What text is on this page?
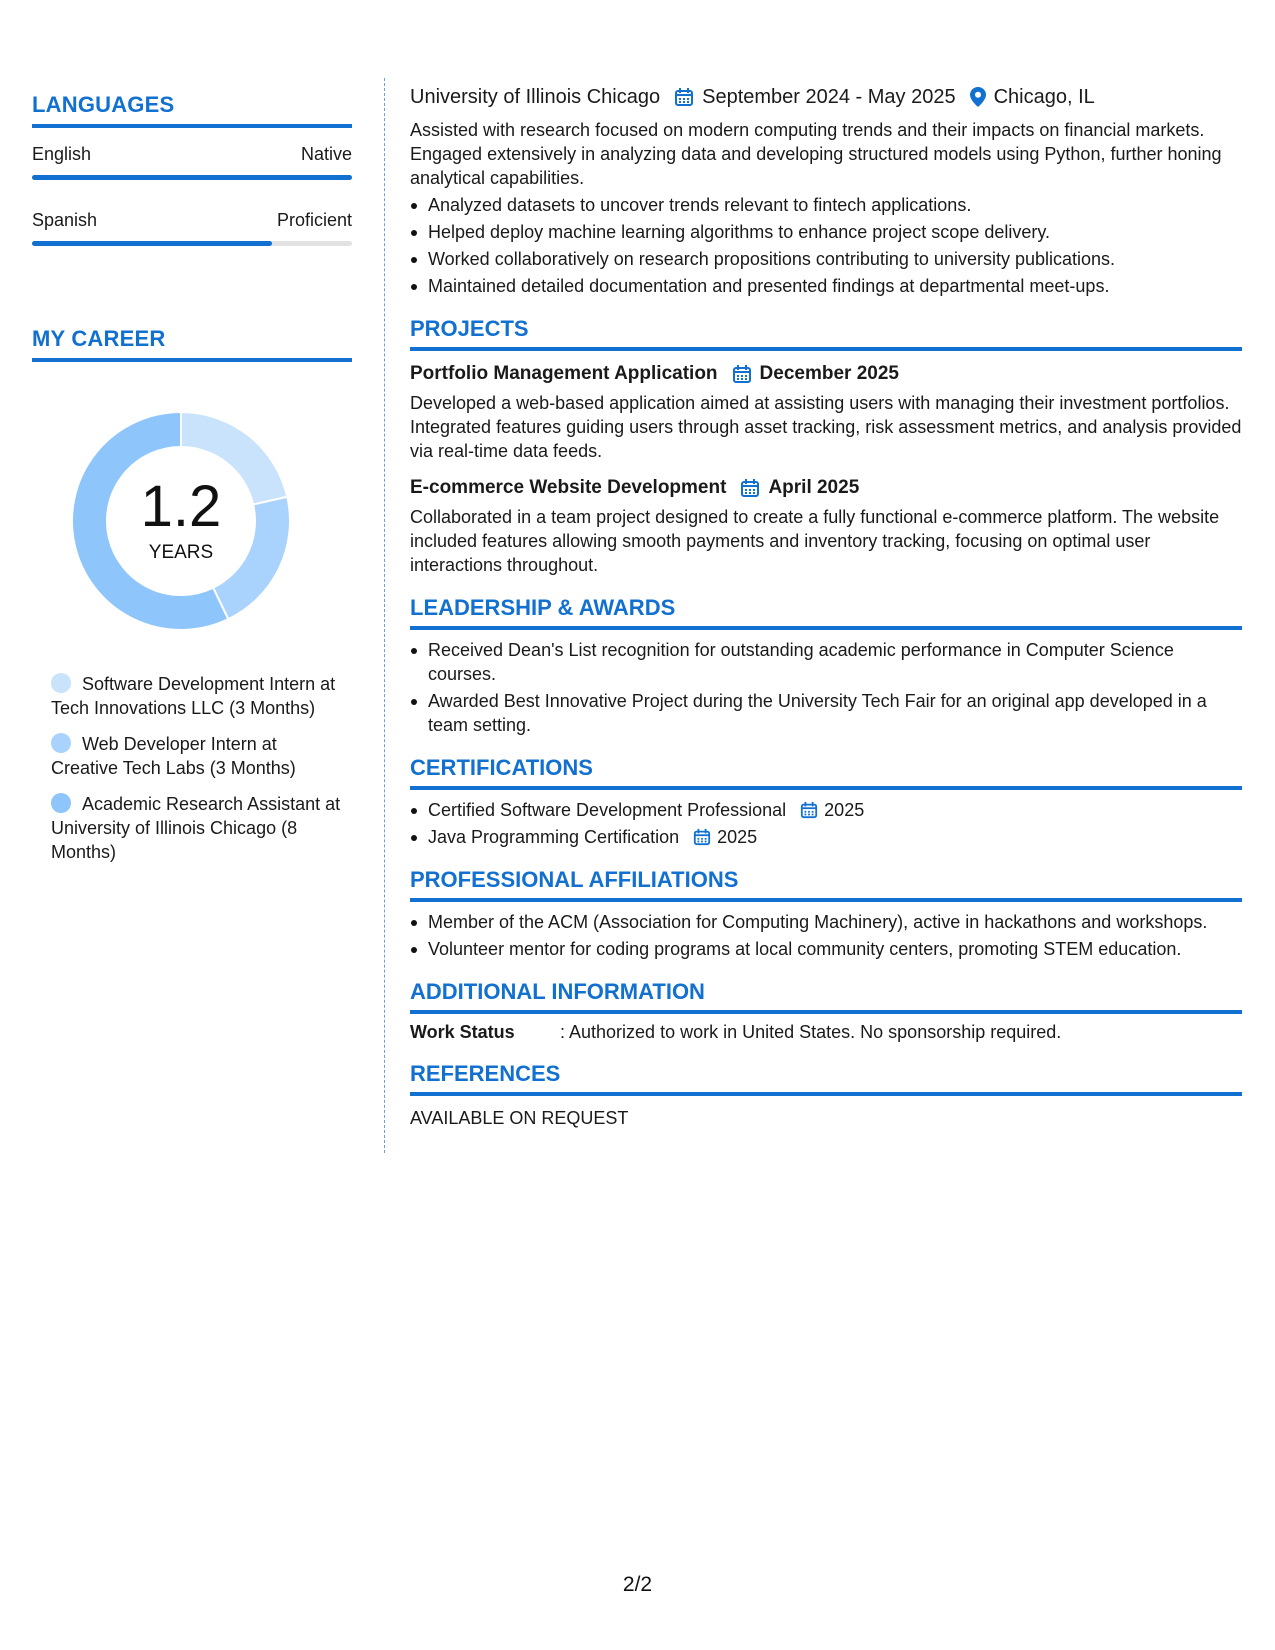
LANGUAGES
English	Native
Spanish	Proficient
MY CAREER
1.2
YEARS
Software Development Intern at Tech Innovations LLC (3 Months)
Web Developer Intern at Creative Tech Labs (3 Months)
Academic Research Assistant at University of Illinois Chicago (8 Months)
University of Illinois Chicago September 2024 - May 2025 Chicago, IL

Assisted with research focused on modern computing trends and their impacts on financial markets. Engaged extensively in analyzing data and developing structured models using Python, further honing analytical capabilities.

Analyzed datasets to uncover trends relevant to fintech applications.
Helped deploy machine learning algorithms to enhance project scope delivery.
Worked collaboratively on research propositions contributing to university publications.
Maintained detailed documentation and presented findings at departmental meet-ups.
PROJECTS
Portfolio Management Application December 2025

Developed a web-based application aimed at assisting users with managing their investment portfolios. Integrated features guiding users through asset tracking, risk assessment metrics, and analysis provided via real-time data feeds.

E-commerce Website Development April 2025

Collaborated in a team project designed to create a fully functional e-commerce platform. The website included features allowing smooth payments and inventory tracking, focusing on optimal user interactions throughout.

LEADERSHIP & AWARDS
Received Dean's List recognition for outstanding academic performance in Computer Science courses.
Awarded Best Innovative Project during the University Tech Fair for an original app developed in a team setting.
CERTIFICATIONS
Certified Software Development Professional 2025
Java Programming Certification 2025
PROFESSIONAL AFFILIATIONS
Member of the ACM (Association for Computing Machinery), active in hackathons and workshops.
Volunteer mentor for coding programs at local community centers, promoting STEM education.
ADDITIONAL INFORMATION
Work Status	: Authorized to work in United States. No sponsorship required.
REFERENCES
AVAILABLE ON REQUEST
2/2
